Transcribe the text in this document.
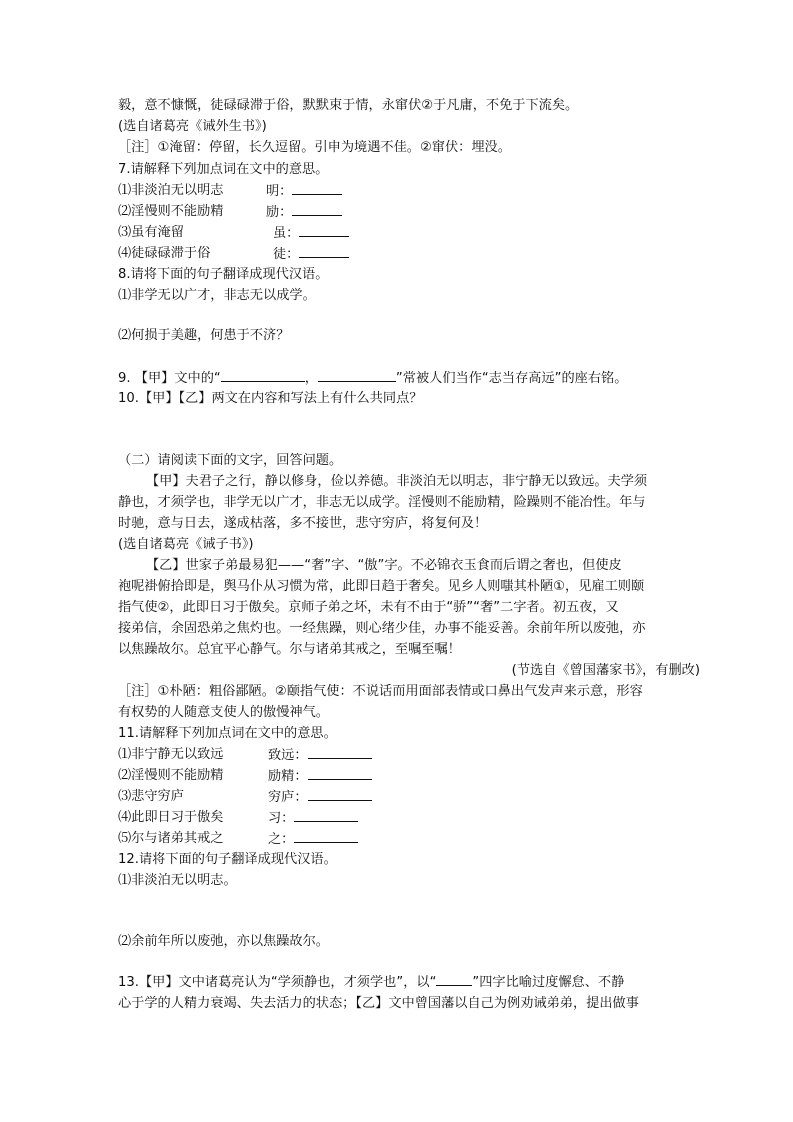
毅，意不慷慨，徒碌碌滞于俗，默默束于情，永窜伏②于凡庸，不免于下流矣。
(选自诸葛亮《诫外生书》)
［注］①淹留：停留，长久逗留。引申为境遇不佳。②窜伏：埋没。
7.请解释下列加点词在文中的意思。
⑴非淡泊无以明志	明：
⑵淫慢则不能励精	励：
⑶虽有淹留	虽：
⑷徒碌碌滞于俗	徒：
8.请将下面的句子翻译成现代汉语。
⑴非学无以广才，非志无以成学。
⑵何损于美趣，何患于不济？
9. 【甲】文中的“	，	”常被人们当作“志当存高远”的座右铭。
10.【甲】【乙】两文在内容和写法上有什么共同点？
（二）请阅读下面的文字，回答问题。
【甲】夫君子之行，静以修身，俭以养德。非淡泊无以明志，非宁静无以致远。夫学须
静也，才须学也，非学无以广才，非志无以成学。淫慢则不能励精，险躁则不能冶性。年与
时驰，意与日去，遂成枯落，多不接世，悲守穷庐，将复何及！
(选自诸葛亮《诫子书》)
【乙】世家子弟最易犯——“奢”字、“傲”字。不必锦衣玉食而后谓之奢也，但使皮
袍呢褂俯拾即是，舆马仆从习惯为常，此即日趋于奢矣。见乡人则嗤其朴陋①，见雇工则颐
指气使②，此即日习于傲矣。京师子弟之坏，未有不由于“骄”“奢”二字者。初五夜，又
接弟信，余固恐弟之焦灼也。一经焦躁，则心绪少佳，办事不能妥善。余前年所以废弛，亦
以焦躁故尔。总宜平心静气。尔与诸弟其戒之，至嘱至嘱！
(节选自《曾国藩家书》，有删改)
［注］①朴陋：粗俗鄙陋。②颐指气使：不说话而用面部表情或口鼻出气发声来示意，形容
有权势的人随意支使人的傲慢神气。
11.请解释下列加点词在文中的意思。
⑴非宁静无以致远	致远：
⑵淫慢则不能励精	励精：
⑶悲守穷庐	穷庐：
⑷此即日习于傲矣	习：
⑸尔与诸弟其戒之	之：
12.请将下面的句子翻译成现代汉语。
⑴非淡泊无以明志。
⑵余前年所以废弛，亦以焦躁故尔。
13.【甲】文中诸葛亮认为“学须静也，才须学也”，以“	”四字比喻过度懈怠、不静
心于学的人精力衰竭、失去活力的状态；【乙】文中曾国藩以自己为例劝诫弟弟，提出做事
